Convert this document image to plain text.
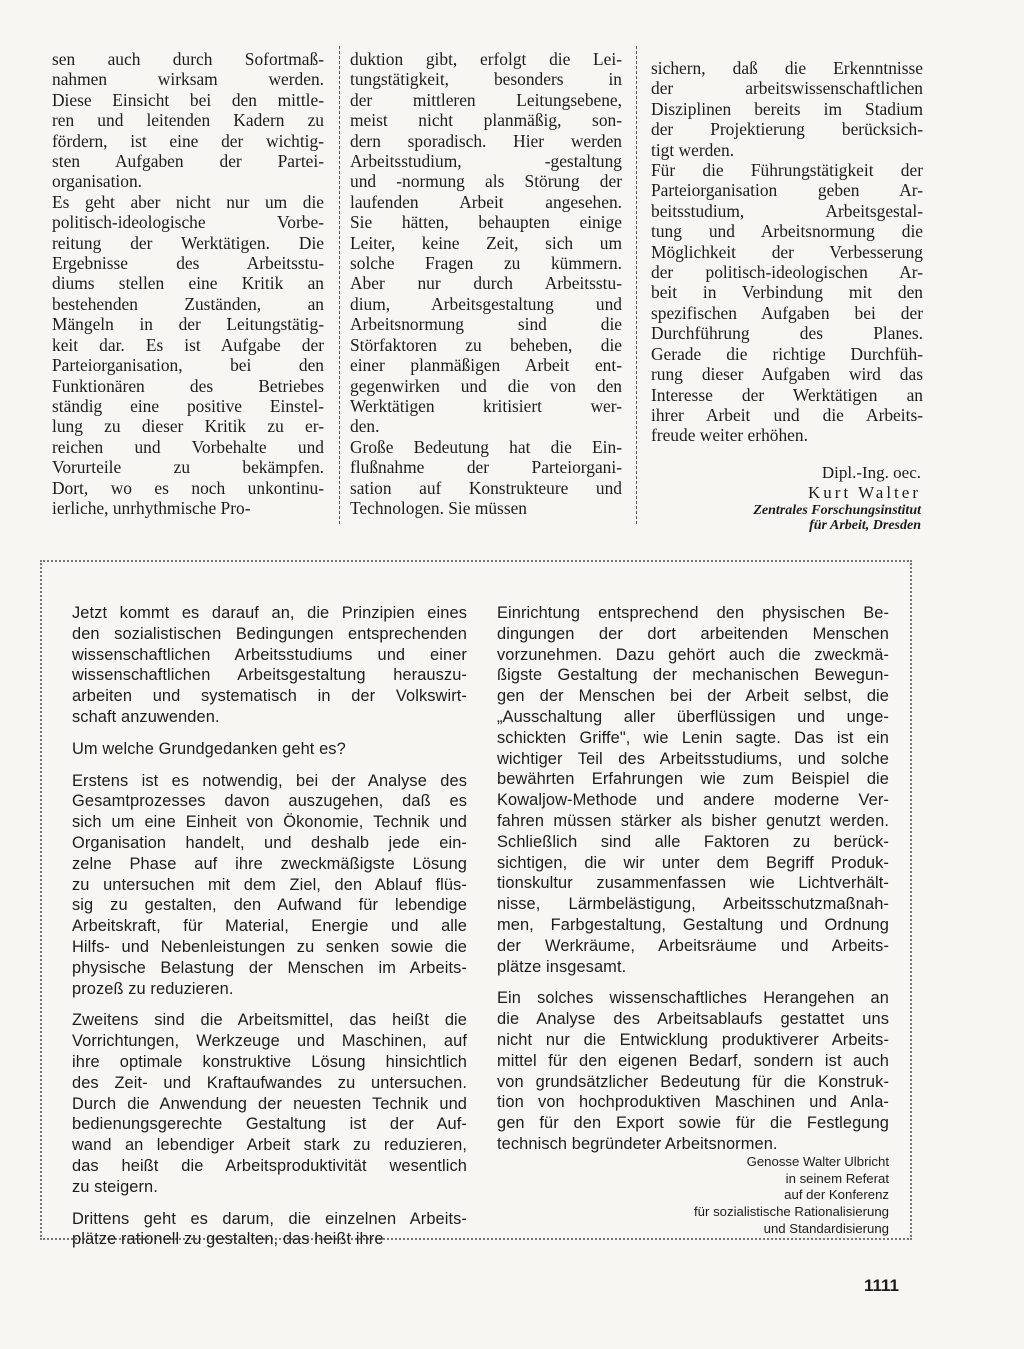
sen auch durch Sofortmaß-
nahmen wirksam werden.
Diese Einsicht bei den mittle-
ren und leitenden Kadern zu
fördern, ist eine der wichtig-
sten Aufgaben der Partei-
organisation.
Es geht aber nicht nur um die
politisch-ideologische Vorbe-
reitung der Werktätigen. Die
Ergebnisse des Arbeitsstu-
diums stellen eine Kritik an
bestehenden Zuständen, an
Mängeln in der Leitungstätig-
keit dar. Es ist Aufgabe der
Parteiorganisation, bei den
Funktionären des Betriebes
ständig eine positive Einstel-
lung zu dieser Kritik zu er-
reichen und Vorbehalte und
Vorurteile zu bekämpfen.
Dort, wo es noch unkontinu-
ierliche, unrhythmische Pro-
duktion gibt, erfolgt die Lei-
tungstätigkeit, besonders in
der mittleren Leitungsebene,
meist nicht planmäßig, son-
dern sporadisch. Hier werden
Arbeitsstudium, -gestaltung
und -normung als Störung der
laufenden Arbeit angesehen.
Sie hätten, behaupten einige
Leiter, keine Zeit, sich um
solche Fragen zu kümmern.
Aber nur durch Arbeitsstu-
dium, Arbeitsgestaltung und
Arbeitsnormung sind die
Störfaktoren zu beheben, die
einer planmäßigen Arbeit ent-
gegenwirken und die von den
Werktätigen kritisiert wer-
den.
Große Bedeutung hat die Ein-
flußnahme der Parteiorgani-
sation auf Konstrukteure und
Technologen. Sie müssen
sichern, daß die Erkenntnisse
der arbeitswissenschaftlichen
Disziplinen bereits im Stadium
der Projektierung berücksich-
tigt werden.
Für die Führungstätigkeit der
Parteiorganisation geben Ar-
beitsstudium, Arbeitsgestal-
tung und Arbeitsnormung die
Möglichkeit der Verbesserung
der politisch-ideologischen Ar-
beit in Verbindung mit den
spezifischen Aufgaben bei der
Durchführung des Planes.
Gerade die richtige Durchfüh-
rung dieser Aufgaben wird das
Interesse der Werktätigen an
ihrer Arbeit und die Arbeits-
freude weiter erhöhen.
Dipl.-Ing. oec.
Kurt Walter
Zentrales Forschungsinstitut
für Arbeit, Dresden
Jetzt kommt es darauf an, die Prinzipien eines
den sozialistischen Bedingungen entsprechenden
wissenschaftlichen Arbeitsstudiums und einer
wissenschaftlichen Arbeitsgestaltung herauszu-
arbeiten und systematisch in der Volkswirt-
schaft anzuwenden.
Um welche Grundgedanken geht es?
Erstens ist es notwendig, bei der Analyse des
Gesamtprozesses davon auszugehen, daß es
sich um eine Einheit von Ökonomie, Technik und
Organisation handelt, und deshalb jede ein-
zelne Phase auf ihre zweckmäßigste Lösung
zu untersuchen mit dem Ziel, den Ablauf flüs-
sig zu gestalten, den Aufwand für lebendige
Arbeitskraft, für Material, Energie und alle
Hilfs- und Nebenleistungen zu senken sowie die
physische Belastung der Menschen im Arbeits-
prozeß zu reduzieren.
Zweitens sind die Arbeitsmittel, das heißt die
Vorrichtungen, Werkzeuge und Maschinen, auf
ihre optimale konstruktive Lösung hinsichtlich
des Zeit- und Kraftaufwandes zu untersuchen.
Durch die Anwendung der neuesten Technik und
bedienungsgerechte Gestaltung ist der Auf-
wand an lebendiger Arbeit stark zu reduzieren,
das heißt die Arbeitsproduktivität wesentlich
zu steigern.
Drittens geht es darum, die einzelnen Arbeits-
plätze rationell zu gestalten, das heißt ihre
Einrichtung entsprechend den physischen Be-
dingungen der dort arbeitenden Menschen
vorzunehmen. Dazu gehört auch die zweckmä-
ßigste Gestaltung der mechanischen Bewegun-
gen der Menschen bei der Arbeit selbst, die
„Ausschaltung aller überflüssigen und unge-
schickten Griffe", wie Lenin sagte. Das ist ein
wichtiger Teil des Arbeitsstudiums, und solche
bewährten Erfahrungen wie zum Beispiel die
Kowaljow-Methode und andere moderne Ver-
fahren müssen stärker als bisher genutzt werden.
Schließlich sind alle Faktoren zu berück-
sichtigen, die wir unter dem Begriff Produk-
tionskultur zusammenfassen wie Lichtverhält-
nisse, Lärmbelästigung, Arbeitsschutzmaßnah-
men, Farbgestaltung, Gestaltung und Ordnung
der Werkräume, Arbeitsräume und Arbeits-
plätze insgesamt.
Ein solches wissenschaftliches Herangehen an
die Analyse des Arbeitsablaufs gestattet uns
nicht nur die Entwicklung produktiverer Arbeits-
mittel für den eigenen Bedarf, sondern ist auch
von grundsätzlicher Bedeutung für die Konstruk-
tion von hochproduktiven Maschinen und Anla-
gen für den Export sowie für die Festlegung
technisch begründeter Arbeitsnormen.
Genosse Walter Ulbricht
in seinem Referat
auf der Konferenz
für sozialistische Rationalisierung
und Standardisierung
1111
